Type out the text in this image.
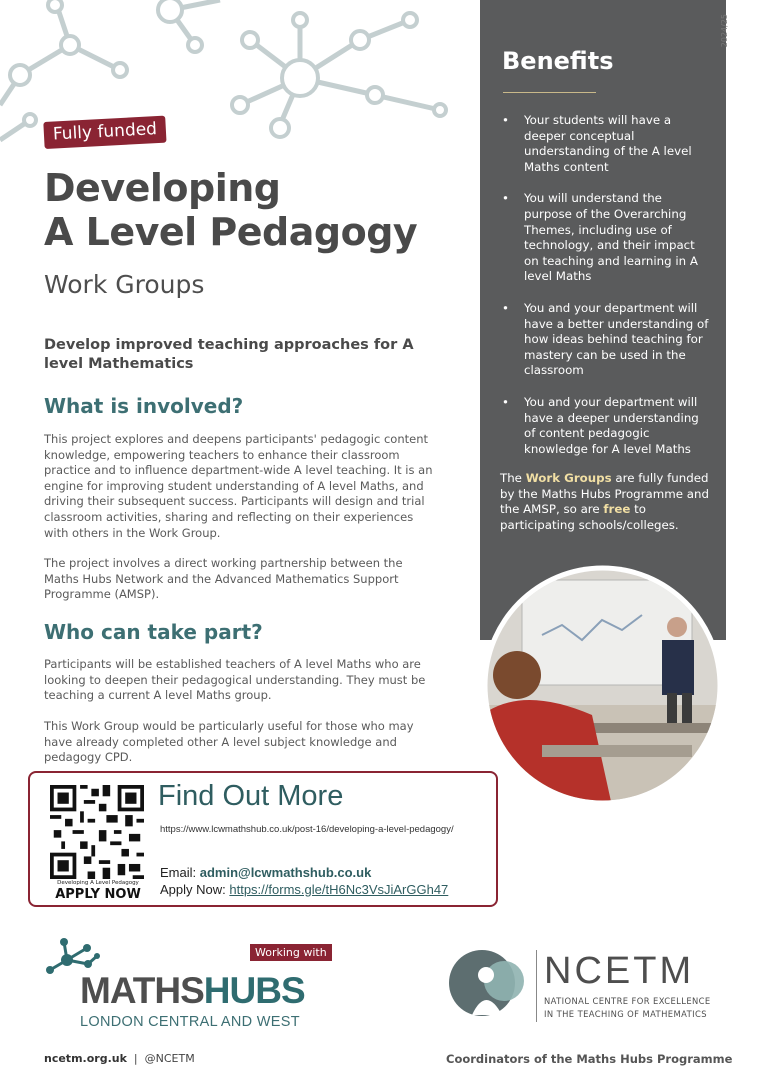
Fully funded
Developing
A Level Pedagogy
Work Groups

Develop improved teaching approaches for A level Mathematics

What is involved?

This project explores and deepens participants' pedagogic content knowledge, empowering teachers to enhance their classroom practice and to influence department-wide A level teaching. It is an engine for improving student understanding of A level Maths, and driving their subsequent success. Participants will design and trial classroom activities, sharing and reflecting on their experiences with others in the Work Group.

The project involves a direct working partnership between the Maths Hubs Network and the Advanced Mathematics Support Programme (AMSP).

Who can take part?

Participants will be established teachers of A level Maths who are looking to deepen their pedagogical understanding. They must be teaching a current A level Maths group.

This Work Group would be particularly useful for those who may have already completed other A level subject knowledge and pedagogy CPD.

2024/25
Benefits
• Your students will have a deeper conceptual understanding of the A level Maths content
• You will understand the purpose of the Overarching Themes, including use of technology, and their impact on teaching and learning in A level Maths
• You and your department will have a better understanding of how ideas behind teaching for mastery can be used in the classroom
• You and your department will have a deeper understanding of content pedagogic knowledge for A level Maths

The Work Groups are fully funded by the Maths Hubs Programme and the AMSP, so are free to participating schools/colleges.

Developing A Level Pedagogy
APPLY NOW
Find Out More
https://www.lcwmathshub.co.uk/post-16/developing-a-level-pedagogy/
Email: admin@lcwmathshub.co.uk
Apply Now: https://forms.gle/tH6Nc3VsJiArGGh47
Working with
MATHSHUBS
LONDON CENTRAL AND WEST
NCETM
NATIONAL CENTRE FOR EXCELLENCE
IN THE TEACHING OF MATHEMATICS
ncetm.org.uk | @NCETM	Coordinators of the Maths Hubs Programme
